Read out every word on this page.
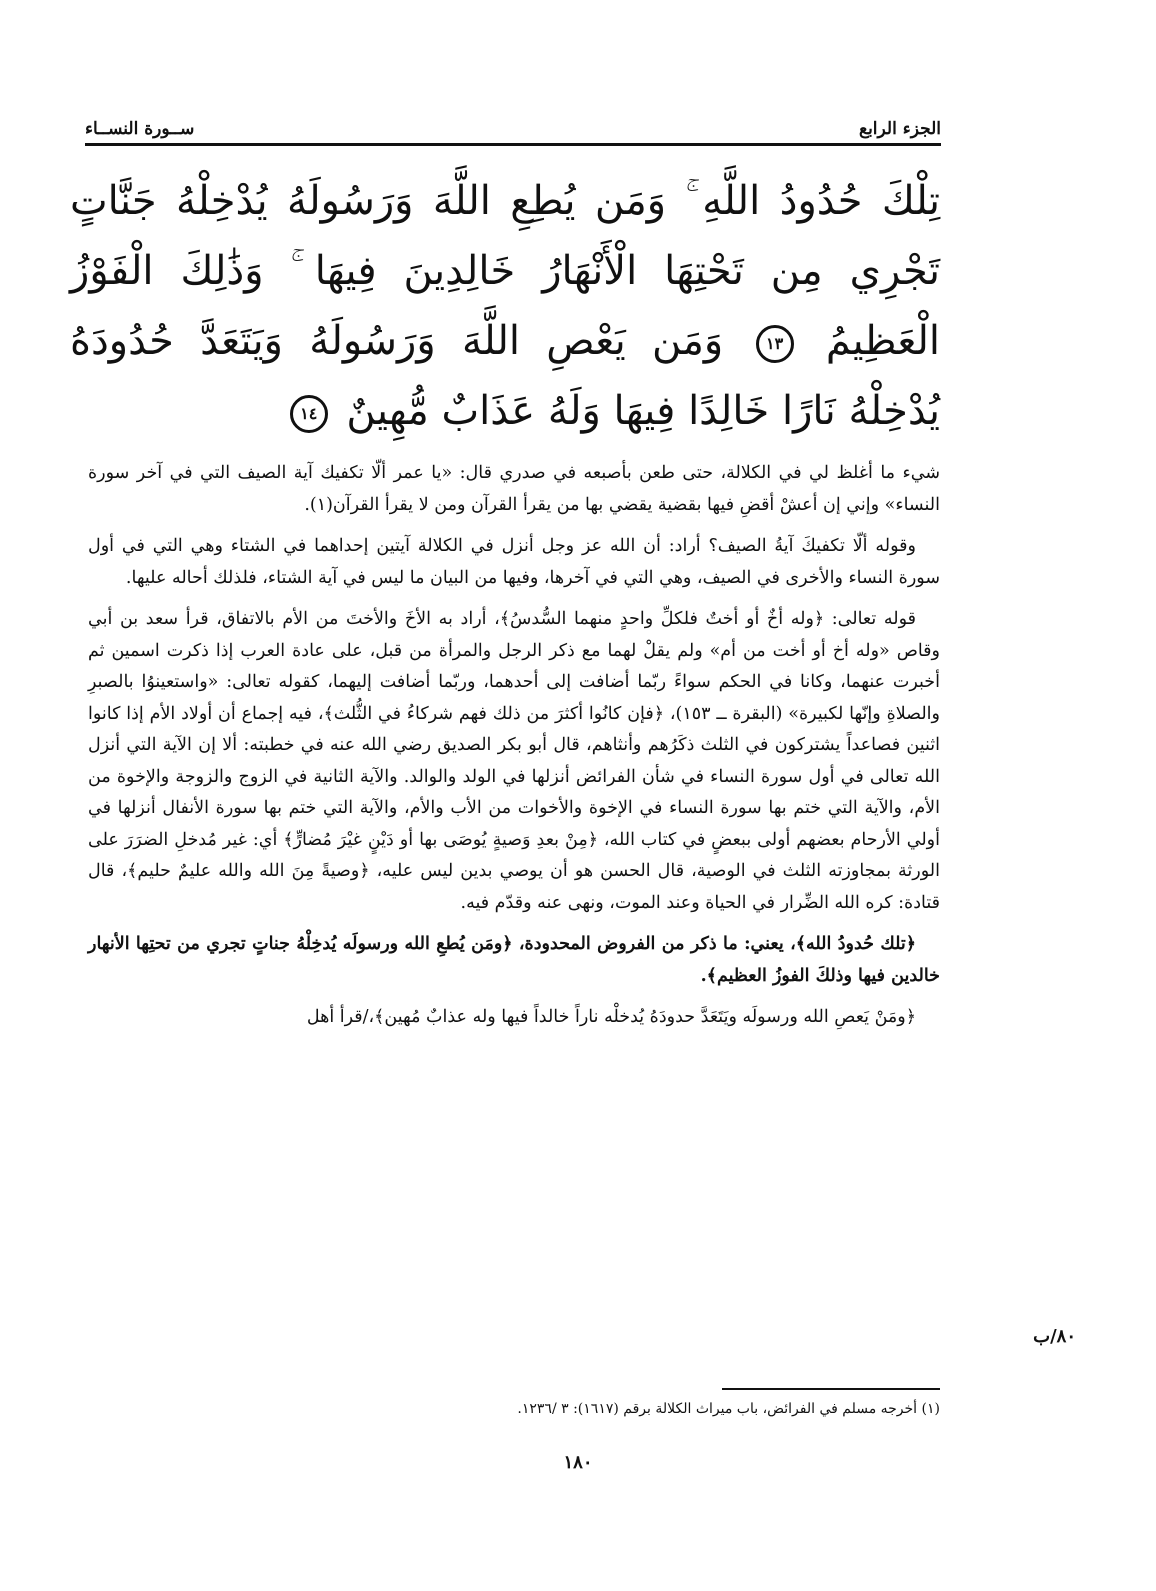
الجزء الرابع
ســورة النســاء
تِلْكَ حُدُودُ اللَّهِ ۚ وَمَن يُطِعِ اللَّهَ وَرَسُولَهُ يُدْخِلْهُ جَنَّاتٍ تَجْرِي مِن تَحْتِهَا الْأَنْهَارُ خَالِدِينَ فِيهَا ۚ وَذَٰلِكَ الْفَوْزُ الْعَظِيمُ ١٣ وَمَن يَعْصِ اللَّهَ وَرَسُولَهُ وَيَتَعَدَّ حُدُودَهُ يُدْخِلْهُ نَارًا خَالِدًا فِيهَا وَلَهُ عَذَابٌ مُّهِينٌ ١٤

شيء ما أغلظ لي في الكلالة، حتى طعن بأصبعه في صدري قال: «يا عمر ألّا تكفيك آية الصيف التي في آخر سورة النساء» وإني إن أعشْ أقضِ فيها بقضية يقضي بها من يقرأ القرآن ومن لا يقرأ القرآن(١).

وقوله ألّا تكفيكَ آيةُ الصيف؟ أراد: أن الله عز وجل أنزل في الكلالة آيتين إحداهما في الشتاء وهي التي في أول سورة النساء والأخرى في الصيف، وهي التي في آخرها، وفيها من البيان ما ليس في آية الشتاء، فلذلك أحاله عليها.

قوله تعالى: ﴿وله أخٌ أو أختٌ فلكلِّ واحدٍ منهما السُّدسُ﴾، أراد به الأخَ والأختَ من الأم بالاتفاق، قرأ سعد بن أبي وقاص «وله أخ أو أخت من أم» ولم يقلْ لهما مع ذكر الرجل والمرأة من قبل، على عادة العرب إذا ذكرت اسمين ثم أخبرت عنهما، وكانا في الحكم سواءً ربّما أضافت إلى أحدهما، وربّما أضافت إليهما، كقوله تعالى: «واستعينوُا بالصبرِ والصلاةِ وإنّها لكبيرة» (البقرة ــ ١٥٣)، ﴿فإن كانُوا أكثرَ من ذلك فهم شركاءُ في الثُّلث﴾، فيه إجماع أن أولاد الأم إذا كانوا اثنين فصاعداً يشتركون في الثلث ذكَرُهم وأنثاهم، قال أبو بكر الصديق رضي الله عنه في خطبته: ألا إن الآية التي أنزل الله تعالى في أول سورة النساء في شأن الفرائض أنزلها في الولد والوالد. والآية الثانية في الزوج والزوجة والإخوة من الأم، والآية التي ختم بها سورة النساء في الإخوة والأخوات من الأب والأم، والآية التي ختم بها سورة الأنفال أنزلها في أولي الأرحام بعضهم أولى ببعضٍ في كتاب الله، ﴿مِنْ بعدِ وَصيةٍ يُوصَى بها أو دَيْنٍ غيْرَ مُضارٍّ﴾ أي: غير مُدخلِ الضرَرَ على الورثة بمجاوزته الثلث في الوصية، قال الحسن هو أن يوصي بدين ليس عليه، ﴿وصيةً مِنَ الله والله عليمٌ حليم﴾، قال قتادة: كره الله الضِّرار في الحياة وعند الموت، ونهى عنه وقدّم فيه.

﴿تلك حُدودُ الله﴾، يعني: ما ذكر من الفروض المحدودة، ﴿ومَن يُطعِ الله ورسولَه يُدخِلْهُ جناتٍ تجري من تحتِها الأنهار خالدين فيها وذلكَ الفوزُ العظيم﴾.

﴿ومَنْ يَعصِ الله ورسولَه ويَتَعَدَّ حدودَهُ يُدخلْه ناراً خالداً فيها وله عذابٌ مُهين﴾،/قرأ أهل

٨٠/ب
(١) أخرجه مسلم في الفرائض، باب ميراث الكلالة برقم (١٦١٧): ٣ /١٢٣٦.
١٨٠
